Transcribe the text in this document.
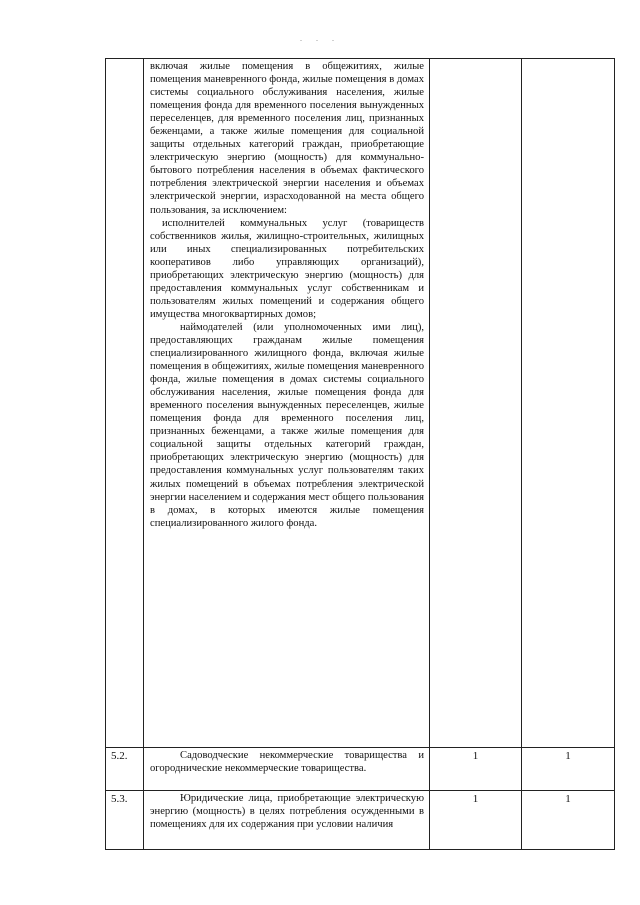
. . .

	включая жилые помещения в общежитиях, жилые помещения маневренного фонда, жилые помещения в домах системы социального обслуживания населения, жилые помещения фонда для временного поселения вынужденных переселенцев, для временного поселения лиц, признанных беженцами, а также жилые помещения для социальной защиты отдельных категорий граждан, приобретающие электрическую энергию (мощность) для коммунально-бытового потребления населения в объемах фактического потребления электрической энергии населения и объемах электрической энергии, израсходованной на места общего пользования, за исключением:

исполнителей коммунальных услуг (товариществ собственников жилья, жилищно-строительных, жилищных или иных специализированных потребительских кооперативов либо управляющих организаций), приобретающих электрическую энергию (мощность) для предоставления коммунальных услуг собственникам и пользователям жилых помещений и содержания общего имущества многоквартирных домов;

наймодателей (или уполномоченных ими лиц), предоставляющих гражданам жилые помещения специализированного жилищного фонда, включая жилые помещения в общежитиях, жилые помещения маневренного фонда, жилые помещения в домах системы социального обслуживания населения, жилые помещения фонда для временного поселения вынужденных переселенцев, жилые помещения фонда для временного поселения лиц, признанных беженцами, а также жилые помещения для социальной защиты отдельных категорий граждан, приобретающих электрическую энергию (мощность) для предоставления коммунальных услуг пользователям таких жилых помещений в объемах потребления электрической энергии населением и содержания мест общего пользования в домах, в которых имеются жилые помещения специализированного жилого фонда.		

5.2.	Садоводческие некоммерческие товарищества и огороднические некоммерческие товарищества.	1	1

5.3.	Юридические лица, приобретающие электрическую энергию (мощность) в целях потребления осужденными в помещениях для их содержания при условии наличия	1	1
